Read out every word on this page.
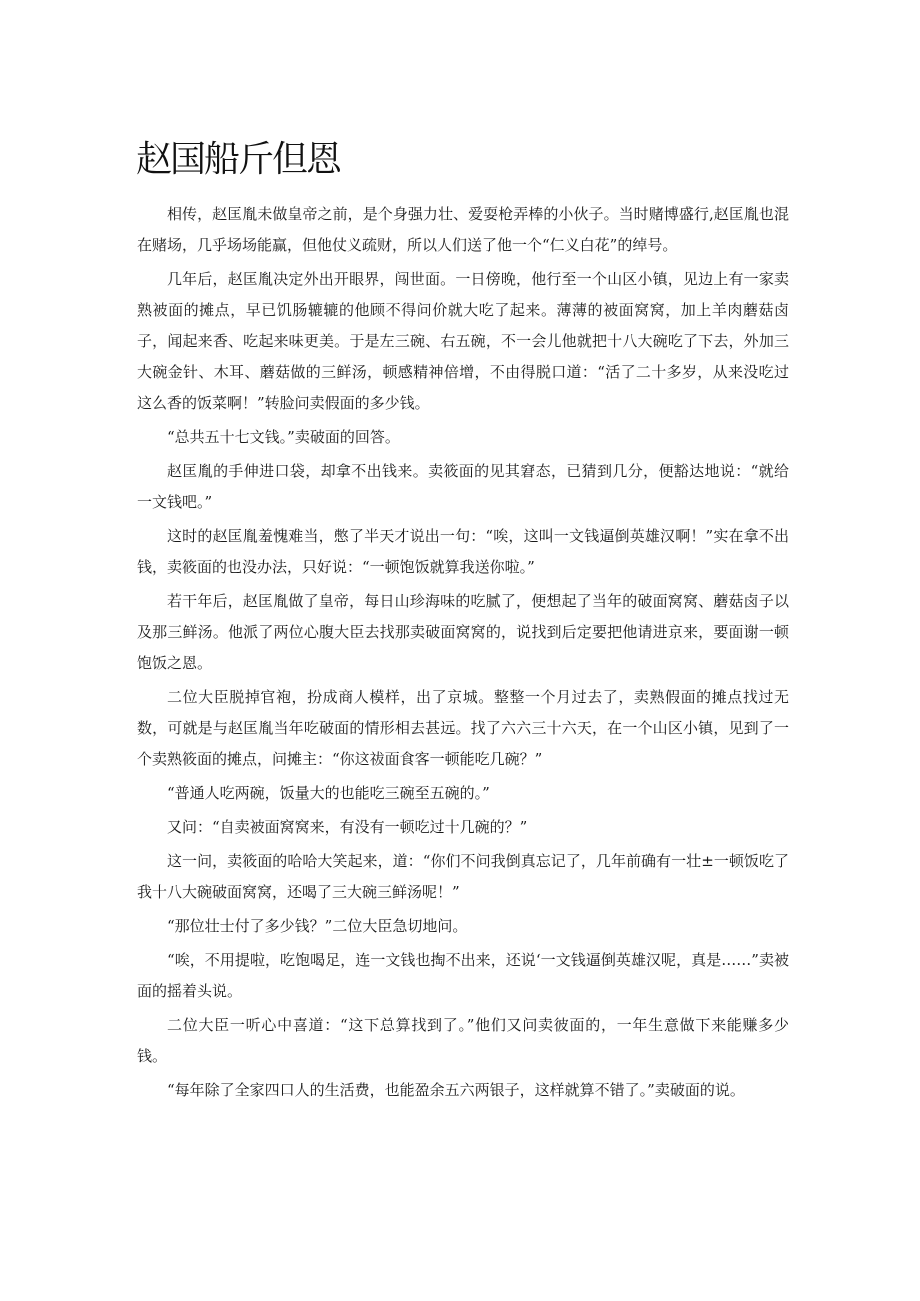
赵国船斤但恩

相传，赵匡胤未做皇帝之前，是个身强力壮、爱耍枪弄棒的小伙子。当时赌博盛行,赵匡胤也混在赌场，几乎场场能赢，但他仗义疏财，所以人们送了他一个“仁义白花”的绰号。

几年后，赵匡胤决定外出开眼界，闯世面。一日傍晚，他行至一个山区小镇，见边上有一家卖熟被面的摊点，早已饥肠辘辘的他顾不得问价就大吃了起来。薄薄的被面窝窝，加上羊肉蘑菇卤子，闻起来香、吃起来味更美。于是左三碗、右五碗，不一会儿他就把十八大碗吃了下去，外加三大碗金针、木耳、蘑菇做的三鲜汤，顿感精神倍增，不由得脱口道：“活了二十多岁，从来没吃过这么香的饭菜啊！”转脸问卖假面的多少钱。

“总共五十七文钱。”卖破面的回答。

赵匡胤的手伸进口袋，却拿不出钱来。卖筱面的见其窘态，已猜到几分，便豁达地说：“就给一文钱吧。”

这时的赵匡胤羞愧难当，憋了半天才说出一句：“唉，这叫一文钱逼倒英雄汉啊！”实在拿不出钱，卖筱面的也没办法，只好说：“一顿饱饭就算我送你啦。”

若干年后，赵匡胤做了皇帝，每日山珍海味的吃腻了，便想起了当年的破面窝窝、蘑菇卤子以及那三鲜汤。他派了两位心腹大臣去找那卖破面窝窝的，说找到后定要把他请进京来，要面谢一顿饱饭之恩。

二位大臣脱掉官袍，扮成商人模样，出了京城。整整一个月过去了，卖熟假面的摊点找过无数，可就是与赵匡胤当年吃破面的情形相去甚远。找了六六三十六天，在一个山区小镇，见到了一个卖熟筱面的摊点，问摊主：“你这祓面食客一顿能吃几碗？”

“普通人吃两碗，饭量大的也能吃三碗至五碗的。”

又问：“自卖被面窝窝来，有没有一顿吃过十几碗的？”

这一问，卖筱面的哈哈大笑起来，道：“你们不问我倒真忘记了，几年前确有一壮±一顿饭吃了我十八大碗破面窝窝，还喝了三大碗三鲜汤呢！”

“那位壮士付了多少钱？”二位大臣急切地问。

“唉，不用提啦，吃饱喝足，连一文钱也掏不出来，还说‘一文钱逼倒英雄汉呢，真是……”卖被面的摇着头说。

二位大臣一听心中喜道：“这下总算找到了。”他们又问卖彼面的，一年生意做下来能赚多少钱。

“每年除了全家四口人的生活费，也能盈余五六两银子，这样就算不错了。”卖破面的说。
